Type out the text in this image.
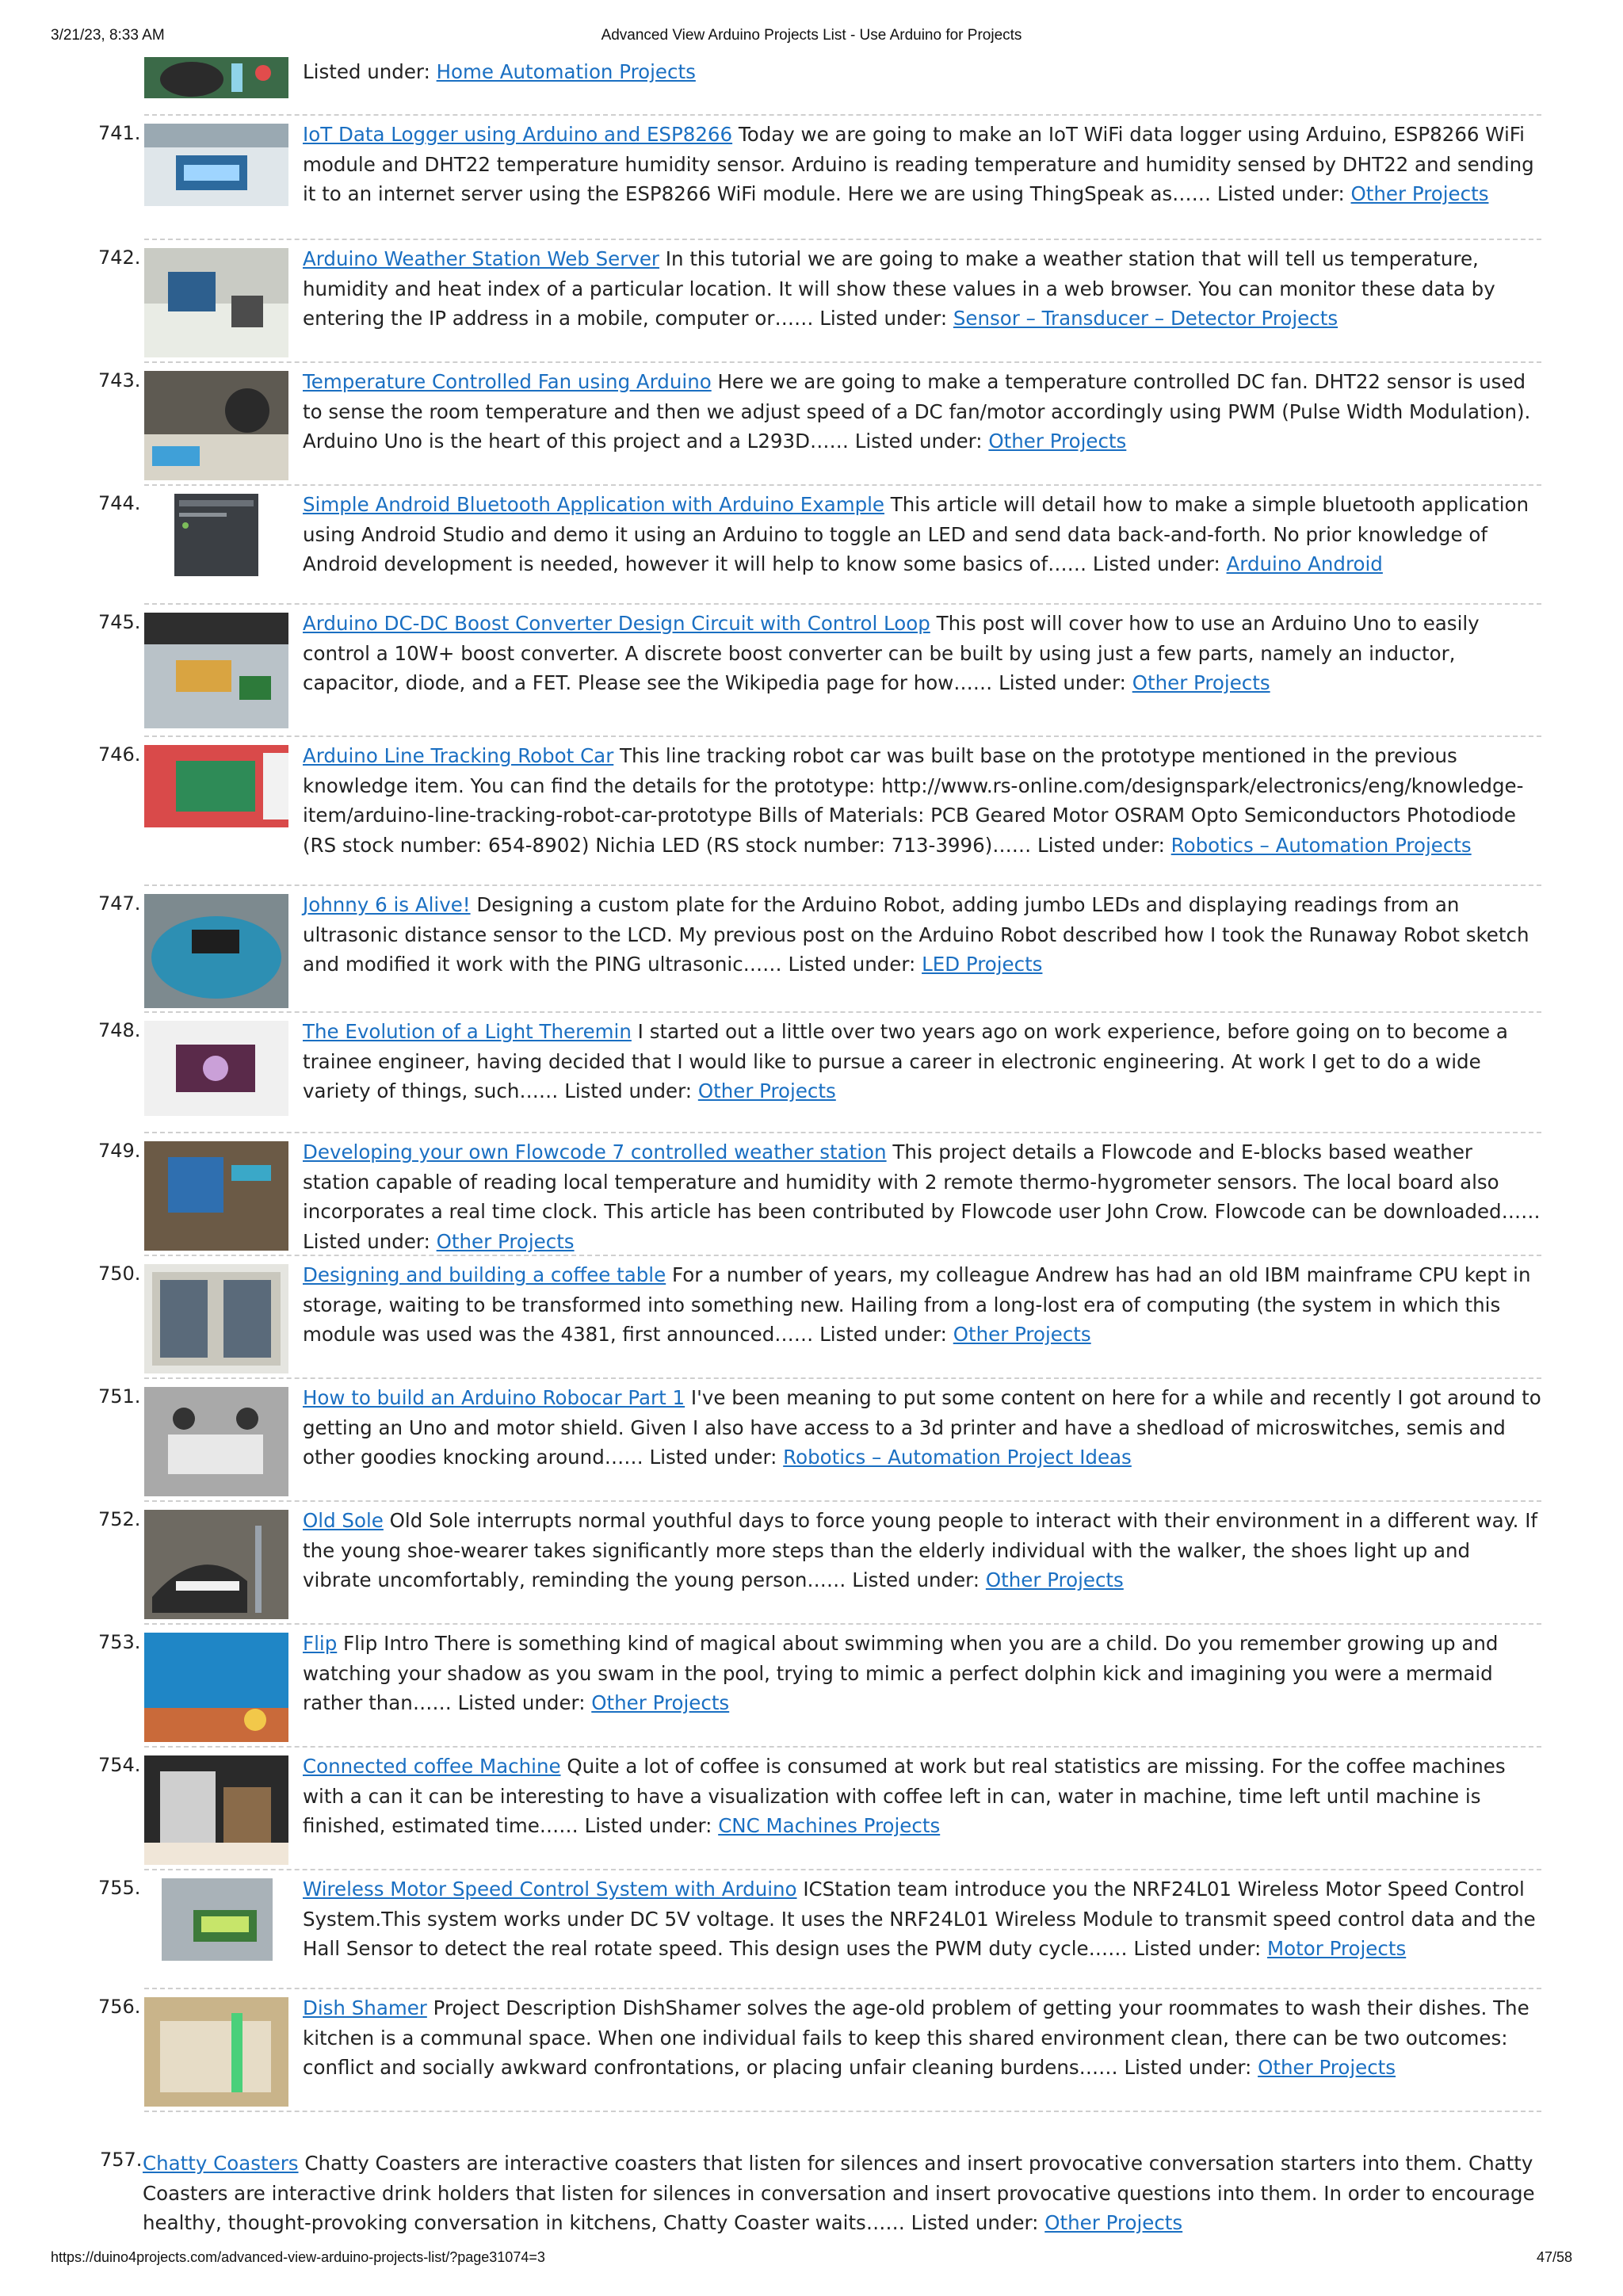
3/21/23, 8:33 AM	Advanced View Arduino Projects List - Use Arduino for Projects
Listed under: Home Automation Projects
741.	IoT Data Logger using Arduino and ESP8266 Today we are going to make an IoT WiFi data logger using Arduino, ESP8266 WiFi module and DHT22 temperature humidity sensor. Arduino is reading temperature and humidity sensed by DHT22 and sending it to an internet server using the ESP8266 WiFi module. Here we are using ThingSpeak as…… Listed under: Other Projects
742.	Arduino Weather Station Web Server In this tutorial we are going to make a weather station that will tell us temperature, humidity and heat index of a particular location. It will show these values in a web browser. You can monitor these data by entering the IP address in a mobile, computer or…… Listed under: Sensor – Transducer – Detector Projects
743.	Temperature Controlled Fan using Arduino Here we are going to make a temperature controlled DC fan. DHT22 sensor is used to sense the room temperature and then we adjust speed of a DC fan/motor accordingly using PWM (Pulse Width Modulation). Arduino Uno is the heart of this project and a L293D…… Listed under: Other Projects
744.	Simple Android Bluetooth Application with Arduino Example This article will detail how to make a simple bluetooth application using Android Studio and demo it using an Arduino to toggle an LED and send data back-and-forth. No prior knowledge of Android development is needed, however it will help to know some basics of…… Listed under: Arduino Android
745.	Arduino DC-DC Boost Converter Design Circuit with Control Loop This post will cover how to use an Arduino Uno to easily control a 10W+ boost converter. A discrete boost converter can be built by using just a few parts, namely an inductor, capacitor, diode, and a FET. Please see the Wikipedia page for how…… Listed under: Other Projects
746.	Arduino Line Tracking Robot Car This line tracking robot car was built base on the prototype mentioned in the previous knowledge item. You can find the details for the prototype: http://www.rs-online.com/designspark/electronics/eng/knowledge-item/arduino-line-tracking-robot-car-prototype Bills of Materials: PCB Geared Motor OSRAM Opto Semiconductors Photodiode (RS stock number: 654-8902) Nichia LED (RS stock number: 713-3996)…… Listed under: Robotics – Automation Projects
747.	Johnny 6 is Alive! Designing a custom plate for the Arduino Robot, adding jumbo LEDs and displaying readings from an ultrasonic distance sensor to the LCD. My previous post on the Arduino Robot described how I took the Runaway Robot sketch and modified it work with the PING ultrasonic…… Listed under: LED Projects
748.	The Evolution of a Light Theremin I started out a little over two years ago on work experience, before going on to become a trainee engineer, having decided that I would like to pursue a career in electronic engineering. At work I get to do a wide variety of things, such…… Listed under: Other Projects
749.	Developing your own Flowcode 7 controlled weather station This project details a Flowcode and E-blocks based weather station capable of reading local temperature and humidity with 2 remote thermo-hygrometer sensors. The local board also incorporates a real time clock. This article has been contributed by Flowcode user John Crow. Flowcode can be downloaded…… Listed under: Other Projects
750.	Designing and building a coffee table For a number of years, my colleague Andrew has had an old IBM mainframe CPU kept in storage, waiting to be transformed into something new. Hailing from a long-lost era of computing (the system in which this module was used was the 4381, first announced…… Listed under: Other Projects
751.	How to build an Arduino Robocar Part 1 I've been meaning to put some content on here for a while and recently I got around to getting an Uno and motor shield. Given I also have access to a 3d printer and have a shedload of microswitches, semis and other goodies knocking around…… Listed under: Robotics – Automation Project Ideas
752.	Old Sole Old Sole interrupts normal youthful days to force young people to interact with their environment in a different way. If the young shoe-wearer takes significantly more steps than the elderly individual with the walker, the shoes light up and vibrate uncomfortably, reminding the young person…… Listed under: Other Projects
753.	Flip Flip Intro There is something kind of magical about swimming when you are a child. Do you remember growing up and watching your shadow as you swam in the pool, trying to mimic a perfect dolphin kick and imagining you were a mermaid rather than…… Listed under: Other Projects
754.	Connected coffee Machine Quite a lot of coffee is consumed at work but real statistics are missing. For the coffee machines with a can it can be interesting to have a visualization with coffee left in can, water in machine, time left until machine is finished, estimated time…… Listed under: CNC Machines Projects
755.	Wireless Motor Speed Control System with Arduino ICStation team introduce you the NRF24L01 Wireless Motor Speed Control System.This system works under DC 5V voltage. It uses the NRF24L01 Wireless Module to transmit speed control data and the Hall Sensor to detect the real rotate speed. This design uses the PWM duty cycle…… Listed under: Motor Projects
756.	Dish Shamer Project Description DishShamer solves the age-old problem of getting your roommates to wash their dishes. The kitchen is a communal space. When one individual fails to keep this shared environment clean, there can be two outcomes: conflict and socially awkward confrontations, or placing unfair cleaning burdens…… Listed under: Other Projects
757. Chatty Coasters Chatty Coasters are interactive coasters that listen for silences and insert provocative conversation starters into them. Chatty Coasters are interactive drink holders that listen for silences in conversation and insert provocative questions into them. In order to encourage healthy, thought-provoking conversation in kitchens, Chatty Coaster waits…… Listed under: Other Projects
https://duino4projects.com/advanced-view-arduino-projects-list/?page31074=3	47/58
